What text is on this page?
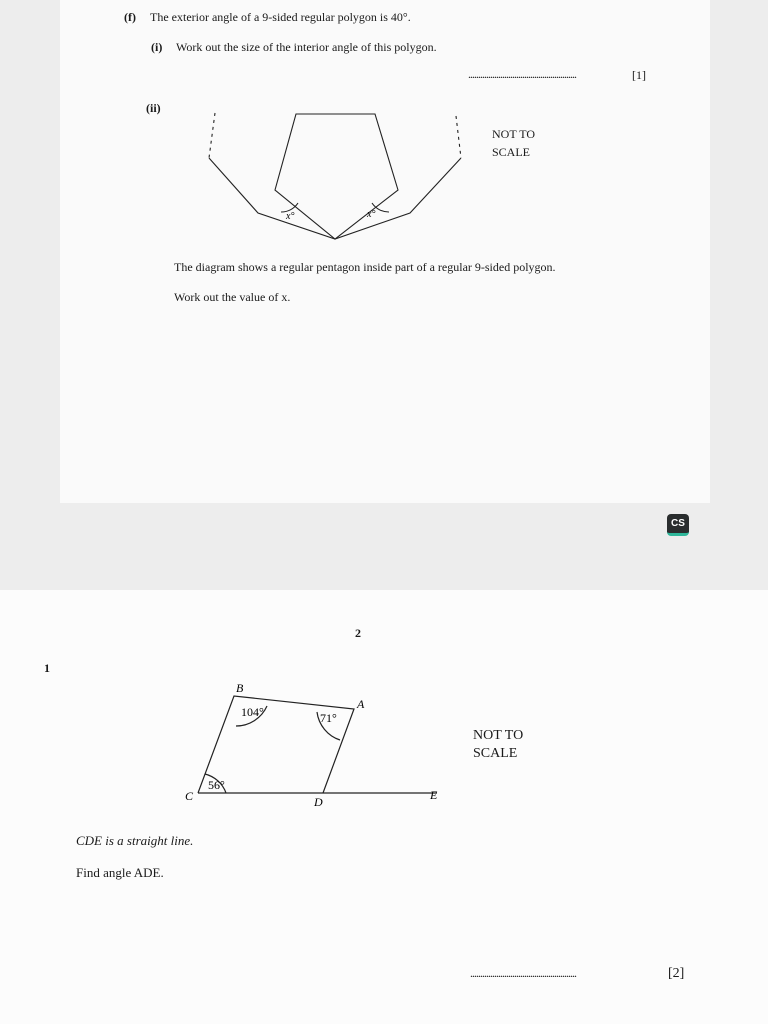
(f) The exterior angle of a 9-sided regular polygon is 40°.
(i) Work out the size of the interior angle of this polygon.
......................................................	[1]
(ii)
x°	x°
NOT TO
SCALE
The diagram shows a regular pentagon inside part of a regular 9-sided polygon.
Work out the value of x.
CS
2
1
B
A
C	D	E
104°	71°
56°
NOT TO
SCALE
CDE is a straight line.
Find angle ADE.
.....................................................	[2]
